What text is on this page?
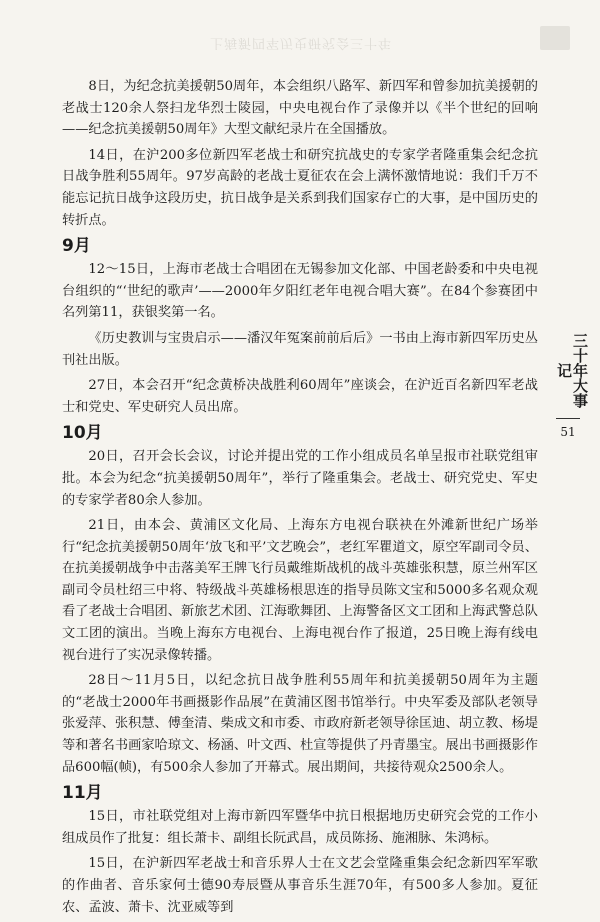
上海新四军历史研究会三十年

8日，为纪念抗美援朝50周年，本会组织八路军、新四军和曾参加抗美援朝的老战士120余人祭扫龙华烈士陵园，中央电视台作了录像并以《半个世纪的回响——纪念抗美援朝50周年》大型文献纪录片在全国播放。

14日，在沪200多位新四军老战士和研究抗战史的专家学者隆重集会纪念抗日战争胜利55周年。97岁高龄的老战士夏征农在会上满怀激情地说：我们千万不能忘记抗日战争这段历史，抗日战争是关系到我们国家存亡的大事，是中国历史的转折点。

9月

12～15日，上海市老战士合唱团在无锡参加文化部、中国老龄委和中央电视台组织的“‘世纪的歌声’——2000年夕阳红老年电视合唱大赛”。在84个参赛团中名列第11，获银奖第一名。

《历史教训与宝贵启示——潘汉年冤案前前后后》一书由上海市新四军历史丛刊社出版。

27日，本会召开“纪念黄桥决战胜利60周年”座谈会，在沪近百名新四军老战士和党史、军史研究人员出席。

10月

20日，召开会长会议，讨论并提出党的工作小组成员名单呈报市社联党组审批。本会为纪念“抗美援朝50周年”，举行了隆重集会。老战士、研究党史、军史的专家学者80余人参加。

21日，由本会、黄浦区文化局、上海东方电视台联袂在外滩新世纪广场举行“纪念抗美援朝50周年‘放飞和平’文艺晚会”，老红军瞿道文，原空军副司令员、在抗美援朝战争中击落美军王牌飞行员戴维斯战机的战斗英雄张积慧，原兰州军区副司令员杜绍三中将、特级战斗英雄杨根思连的指导员陈文宝和5000多名观众观看了老战士合唱团、新旅艺术团、江海歌舞团、上海警备区文工团和上海武警总队文工团的演出。当晚上海东方电视台、上海电视台作了报道，25日晚上海有线电视台进行了实况录像转播。

28日～11月5日，以纪念抗日战争胜利55周年和抗美援朝50周年为主题的“老战士2000年书画摄影作品展”在黄浦区图书馆举行。中央军委及部队老领导张爱萍、张积慧、傅奎清、柴成文和市委、市政府新老领导徐匡迪、胡立教、杨堤等和著名书画家哈琼文、杨涵、叶文西、杜宣等提供了丹青墨宝。展出书画摄影作品600幅(帧)，有500余人参加了开幕式。展出期间，共接待观众2500余人。

11月

15日，市社联党组对上海市新四军暨华中抗日根据地历史研究会党的工作小组成员作了批复：组长萧卡、副组长阮武昌，成员陈扬、施湘脉、朱鸿标。

15日，在沪新四军老战士和音乐界人士在文艺会堂隆重集会纪念新四军军歌的作曲者、音乐家何士德90寿辰暨从事音乐生涯70年，有500多人参加。夏征农、孟波、萧卡、沈亚威等到

三十年大事记
51
